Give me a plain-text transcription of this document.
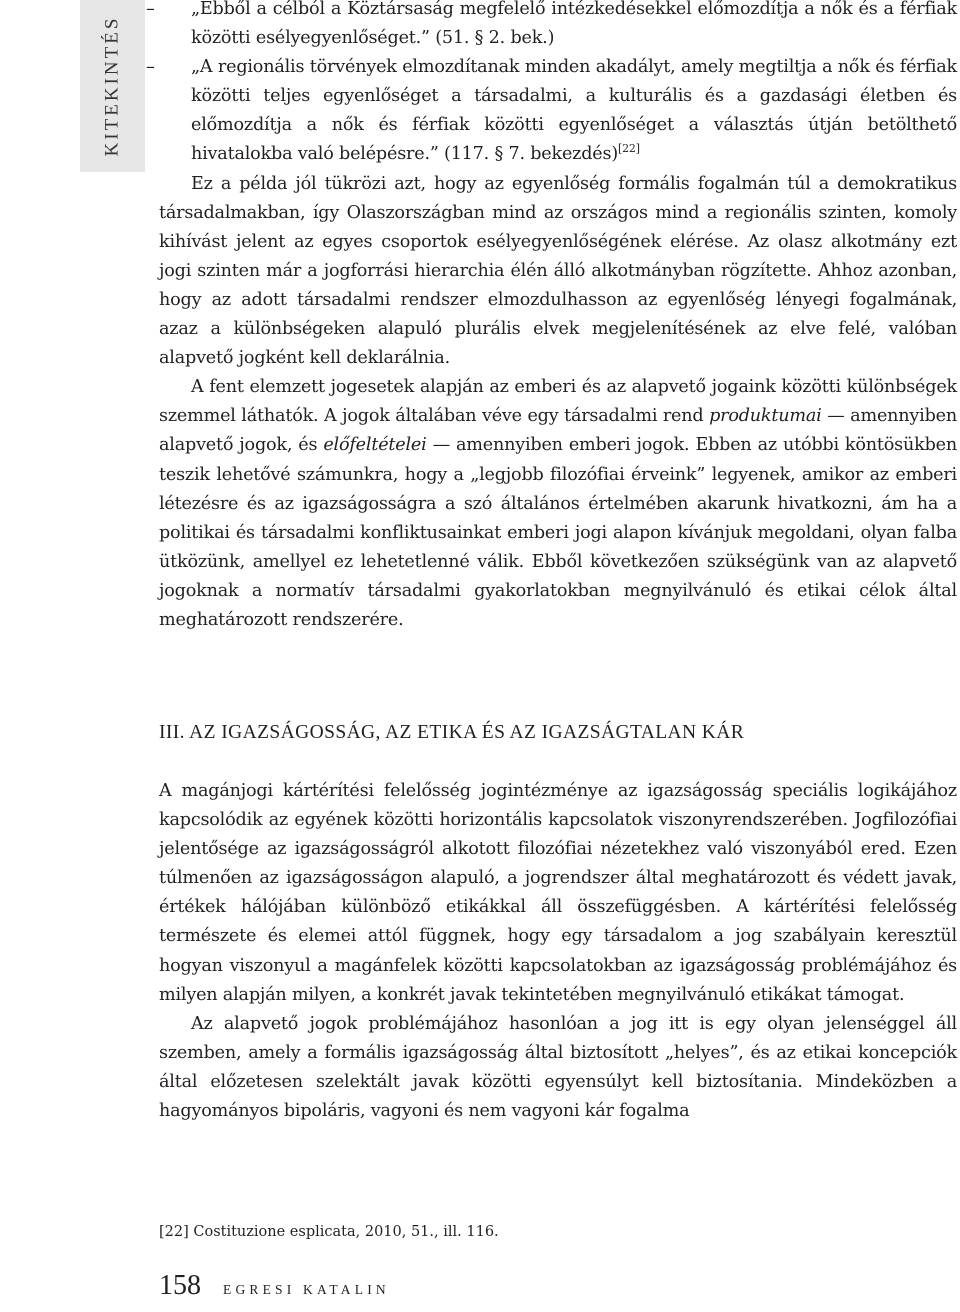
KITEKINTÉS

– „Ebből a célból a Köztársaság megfelelő intézkedésekkel előmozdítja a nők és a férfiak közötti esélyegyenlőséget.” (51. § 2. bek.)

– „A regionális törvények elmozdítanak minden akadályt, amely megtiltja a nők és férfiak közötti teljes egyenlőséget a társadalmi, a kulturális és a gazdasági életben és előmozdítja a nők és férfiak közötti egyenlőséget a választás útján betölthető hivatalokba való belépésre.” (117. § 7. bekezdés)[22]

Ez a példa jól tükrözi azt, hogy az egyenlőség formális fogalmán túl a demokratikus társadalmakban, így Olaszországban mind az országos mind a regionális szinten, komoly kihívást jelent az egyes csoportok esélyegyenlőségének elérése. Az olasz alkotmány ezt jogi szinten már a jogforrási hierarchia élén álló alkotmányban rögzítette. Ahhoz azonban, hogy az adott társadalmi rendszer elmozdulhasson az egyenlőség lényegi fogalmának, azaz a különbségeken alapuló plurális elvek megjelenítésének az elve felé, valóban alapvető jogként kell deklarálnia.

A fent elemzett jogesetek alapján az emberi és az alapvető jogaink közötti különbségek szemmel láthatók. A jogok általában véve egy társadalmi rend produktumai — amennyiben alapvető jogok, és előfeltételei — amennyiben emberi jogok. Ebben az utóbbi köntösükben teszik lehetővé számunkra, hogy a „legjobb filozófiai érveink” legyenek, amikor az emberi létezésre és az igazságosságra a szó általános értelmében akarunk hivatkozni, ám ha a politikai és társadalmi konfliktusainkat emberi jogi alapon kívánjuk megoldani, olyan falba ütközünk, amellyel ez lehetetlenné válik. Ebből következően szükségünk van az alapvető jogoknak a normatív társadalmi gyakorlatokban megnyilvánuló és etikai célok által meghatározott rendszerére.

III. AZ IGAZSÁGOSSÁG, AZ ETIKA ÉS AZ IGAZSÁGTALAN KÁR

A magánjogi kártérítési felelősség jogintézménye az igazságosság speciális logikájához kapcsolódik az egyének közötti horizontális kapcsolatok viszonyrendszerében. Jogfilozófiai jelentősége az igazságosságról alkotott filozófiai nézetekhez való viszonyából ered. Ezen túlmenően az igazságosságon alapuló, a jogrendszer által meghatározott és védett javak, értékek hálójában különböző etikákkal áll összefüggésben. A kártérítési felelősség természete és elemei attól függnek, hogy egy társadalom a jog szabályain keresztül hogyan viszonyul a magánfelek közötti kapcsolatokban az igazságosság problémájához és milyen alapján milyen, a konkrét javak tekintetében megnyilvánuló etikákat támogat.

Az alapvető jogok problémájához hasonlóan a jog itt is egy olyan jelenséggel áll szemben, amely a formális igazságosság által biztosított „helyes”, és az etikai koncepciók által előzetesen szelektált javak közötti egyensúlyt kell biztosítania. Mindeközben a hagyományos bipoláris, vagyoni és nem vagyoni kár fogalma

[22] Costituzione esplicata, 2010, 51., ill. 116.

158 EGRESI KATALIN
